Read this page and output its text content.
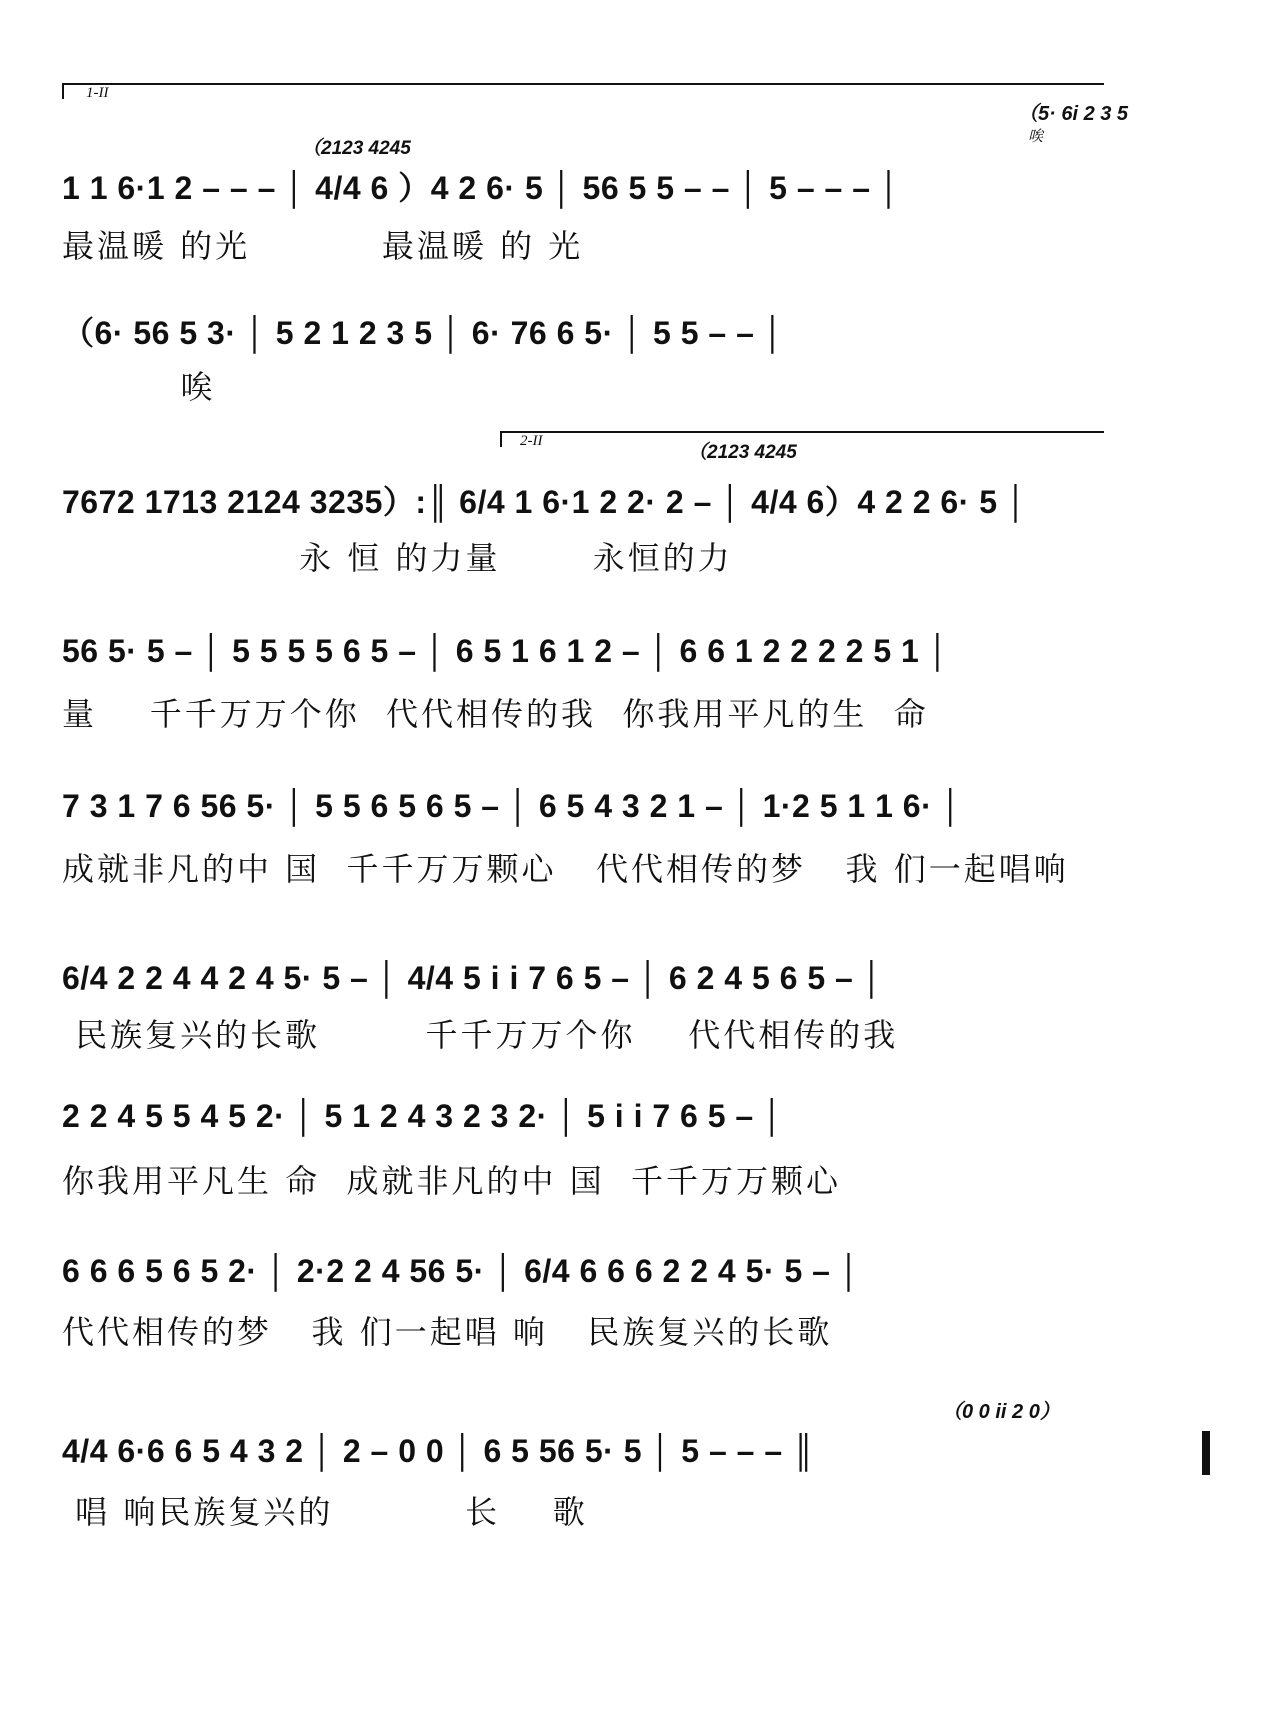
1-II
（5· 6i 2 3 5
唉
（2123 4245
1 1 6·1 2 – – – │ 4/4 6 ）4 2 6· 5 │ 56 5 5 – – │ 5 – – – │
最温暖 的光          最温暖 的 光
（6· 56 5 3· │ 5 2 1 2 3 5 │ 6· 76 6 5· │ 5 5 – – │
唉
2-II
（2123 4245
7672 1713 2124 3235）:║ 6/4 1 6·1 2 2· 2 – │ 4/4 6）4 2 2 6· 5 │
永 恒 的力量       永恒的力
56 5· 5 – │ 5 5 5 5 6 5 – │ 6 5 1 6 1 2 – │ 6 6 1 2 2 2 2 5 1 │
量    千千万万个你  代代相传的我  你我用平凡的生  命
7 3 1 7 6 56 5· │ 5 5 6 5 6 5 – │ 6 5 4 3 2 1 – │ 1·2 5 1 1 6· │
成就非凡的中 国  千千万万颗心   代代相传的梦   我 们一起唱响
6/4 2 2 4 4 2 4 5· 5 – │ 4/4 5 i i 7 6 5 – │ 6 2 4 5 6 5 – │
民族复兴的长歌        千千万万个你    代代相传的我
2 2 4 5 5 4 5 2· │ 5 1 2 4 3 2 3 2· │ 5 i i 7 6 5 – │
你我用平凡生 命  成就非凡的中 国  千千万万颗心
6 6 6 5 6 5 2· │ 2·2 2 4 56 5· │ 6/4 6 6 6 2 2 4 5· 5 – │
代代相传的梦   我 们一起唱 响   民族复兴的长歌
（0 0 ii 2 0）
4/4 6·6 6 5 4 3 2 │ 2 – 0 0 │ 6 5 56 5· 5 │ 5 – – – ║
唱 响民族复兴的          长    歌
